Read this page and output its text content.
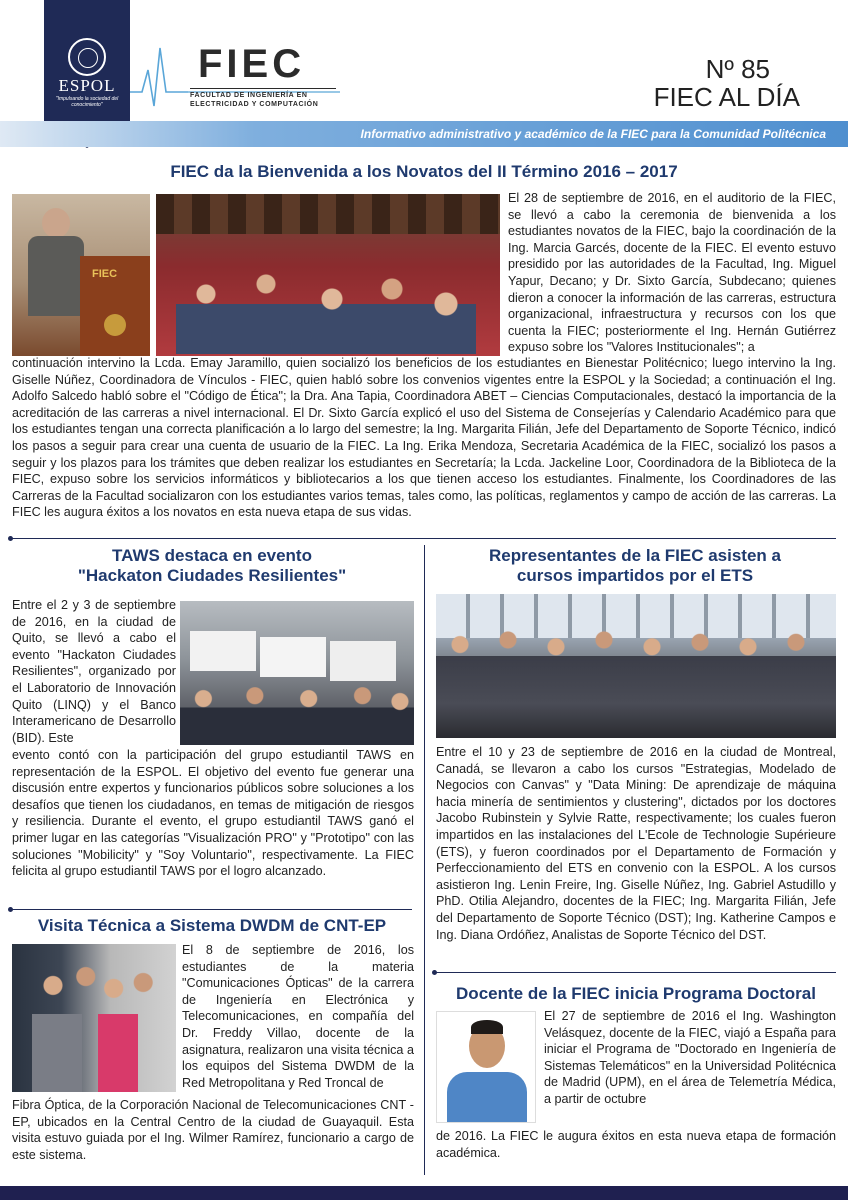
ESPOL
"Impulsando la sociedad del conocimiento"
FIEC
FACULTAD DE INGENIERÍA EN
ELECTRICIDAD Y COMPUTACIÓN
Nº 85
FIEC AL DÍA
Informativo administrativo y académico de la FIEC para la Comunidad Politécnica
FIEC da la Bienvenida a los Novatos del II Término 2016 – 2017
FIEC

El 28 de septiembre de 2016, en el auditorio de la FIEC, se llevó a cabo la ceremonia de bienvenida a los estudiantes novatos de la FIEC, bajo la coordinación de la Ing. Marcia Garcés, docente de la FIEC. El evento estuvo presidido por las autoridades de la Facultad, Ing. Miguel Yapur, Decano; y Dr. Sixto García, Subdecano; quienes dieron a conocer la información de las carreras, estructura organizacional, infraestructura y recursos con los que cuenta la FIEC; posteriormente el Ing. Hernán Gutiérrez expuso sobre los "Valores Institucionales"; a

continuación intervino la Lcda. Emay Jaramillo, quien socializó los beneficios de los estudiantes en Bienestar Politécnico; luego intervino la Ing. Giselle Núñez, Coordinadora de Vínculos - FIEC, quien habló sobre los convenios vigentes entre la ESPOL y la Sociedad; a continuación el Ing. Adolfo Salcedo habló sobre el "Código de Ética"; la Dra. Ana Tapia, Coordinadora ABET – Ciencias Computacionales, destacó la importancia de la acreditación de las carreras a nivel internacional. El Dr. Sixto García explicó el uso del Sistema de Consejerías y Calendario Académico para que los estudiantes tengan una correcta planificación a lo largo del semestre; la Ing. Margarita Filián, Jefe del Departamento de Soporte Técnico, indicó los pasos a seguir para crear una cuenta de usuario de la FIEC. La Ing. Erika Mendoza, Secretaria Académica de la FIEC, socializó los pasos a seguir y los plazos para los trámites que deben realizar los estudiantes en Secretaría; la Lcda. Jackeline Loor, Coordinadora de la Biblioteca de la FIEC, expuso sobre los servicios informáticos y bibliotecarios a los que tienen acceso los estudiantes. Finalmente, los Coordinadores de las Carreras de la Facultad socializaron con los estudiantes varios temas, tales como, las políticas, reglamentos y campo de acción de las carreras. La FIEC les augura éxitos a los novatos en esta nueva etapa de sus vidas.

TAWS destaca en evento
"Hackaton Ciudades Resilientes"

Entre el 2 y 3 de septiembre de 2016, en la ciudad de Quito, se llevó a cabo el evento "Hackaton Ciudades Resilientes", organizado por el Laboratorio de Innovación Quito (LINQ) y el Banco Interamericano de Desarrollo (BID). Este

evento contó con la participación del grupo estudiantil TAWS en representación de la ESPOL. El objetivo del evento fue generar una discusión entre expertos y funcionarios públicos sobre soluciones a los desafíos que tienen los ciudadanos, en temas de mitigación de riesgos y resiliencia. Durante el evento, el grupo estudiantil TAWS ganó el primer lugar en las categorías "Visualización PRO" y "Prototipo" con las soluciones "Mobilicity" y "Soy Voluntario", respectivamente. La FIEC felicita al grupo estudiantil TAWS por el logro alcanzado.

Visita Técnica a Sistema DWDM de CNT-EP

El 8 de septiembre de 2016, los estudiantes de la materia "Comunicaciones Ópticas" de la carrera de Ingeniería en Electrónica y Telecomunicaciones, en compañía del Dr. Freddy Villao, docente de la asignatura, realizaron una visita técnica a los equipos del Sistema DWDM de la Red Metropolitana y Red Troncal de

Fibra Óptica, de la Corporación Nacional de Telecomunicaciones CNT - EP, ubicados en la Central Centro de la ciudad de Guayaquil. Esta visita estuvo guiada por el Ing. Wilmer Ramírez, funcionario a cargo de este sistema.

Representantes de la FIEC asisten a
cursos impartidos por el ETS

Entre el 10 y 23 de septiembre de 2016 en la ciudad de Montreal, Canadá, se llevaron a cabo los cursos "Estrategias, Modelado de Negocios con Canvas" y "Data Mining: De aprendizaje de máquina hacia minería de sentimientos y clustering", dictados por los doctores Jacobo Rubinstein y Sylvie Ratte, respectivamente; los cuales fueron impartidos en las instalaciones del L'Ecole de Technologie Supérieure (ETS), y fueron coordinados por el Departamento de Formación y Perfeccionamiento del ETS en convenio con la ESPOL. A los cursos asistieron Ing. Lenin Freire, Ing. Giselle Núñez, Ing. Gabriel Astudillo y PhD. Otilia Alejandro, docentes de la FIEC; Ing. Margarita Filián, Jefe del Departamento de Soporte Técnico (DST); Ing. Katherine Campos e Ing. Diana Ordóñez, Analistas de Soporte Técnico del DST.

Docente de la FIEC inicia Programa Doctoral

El 27 de septiembre de 2016 el Ing. Washington Velásquez, docente de la FIEC, viajó a España para iniciar el Programa de "Doctorado en Ingeniería de Sistemas Telemáticos" en la Universidad Politécnica de Madrid (UPM), en el área de Telemetría Médica, a partir de octubre

de 2016. La FIEC le augura éxitos en esta nueva etapa de formación académica.
